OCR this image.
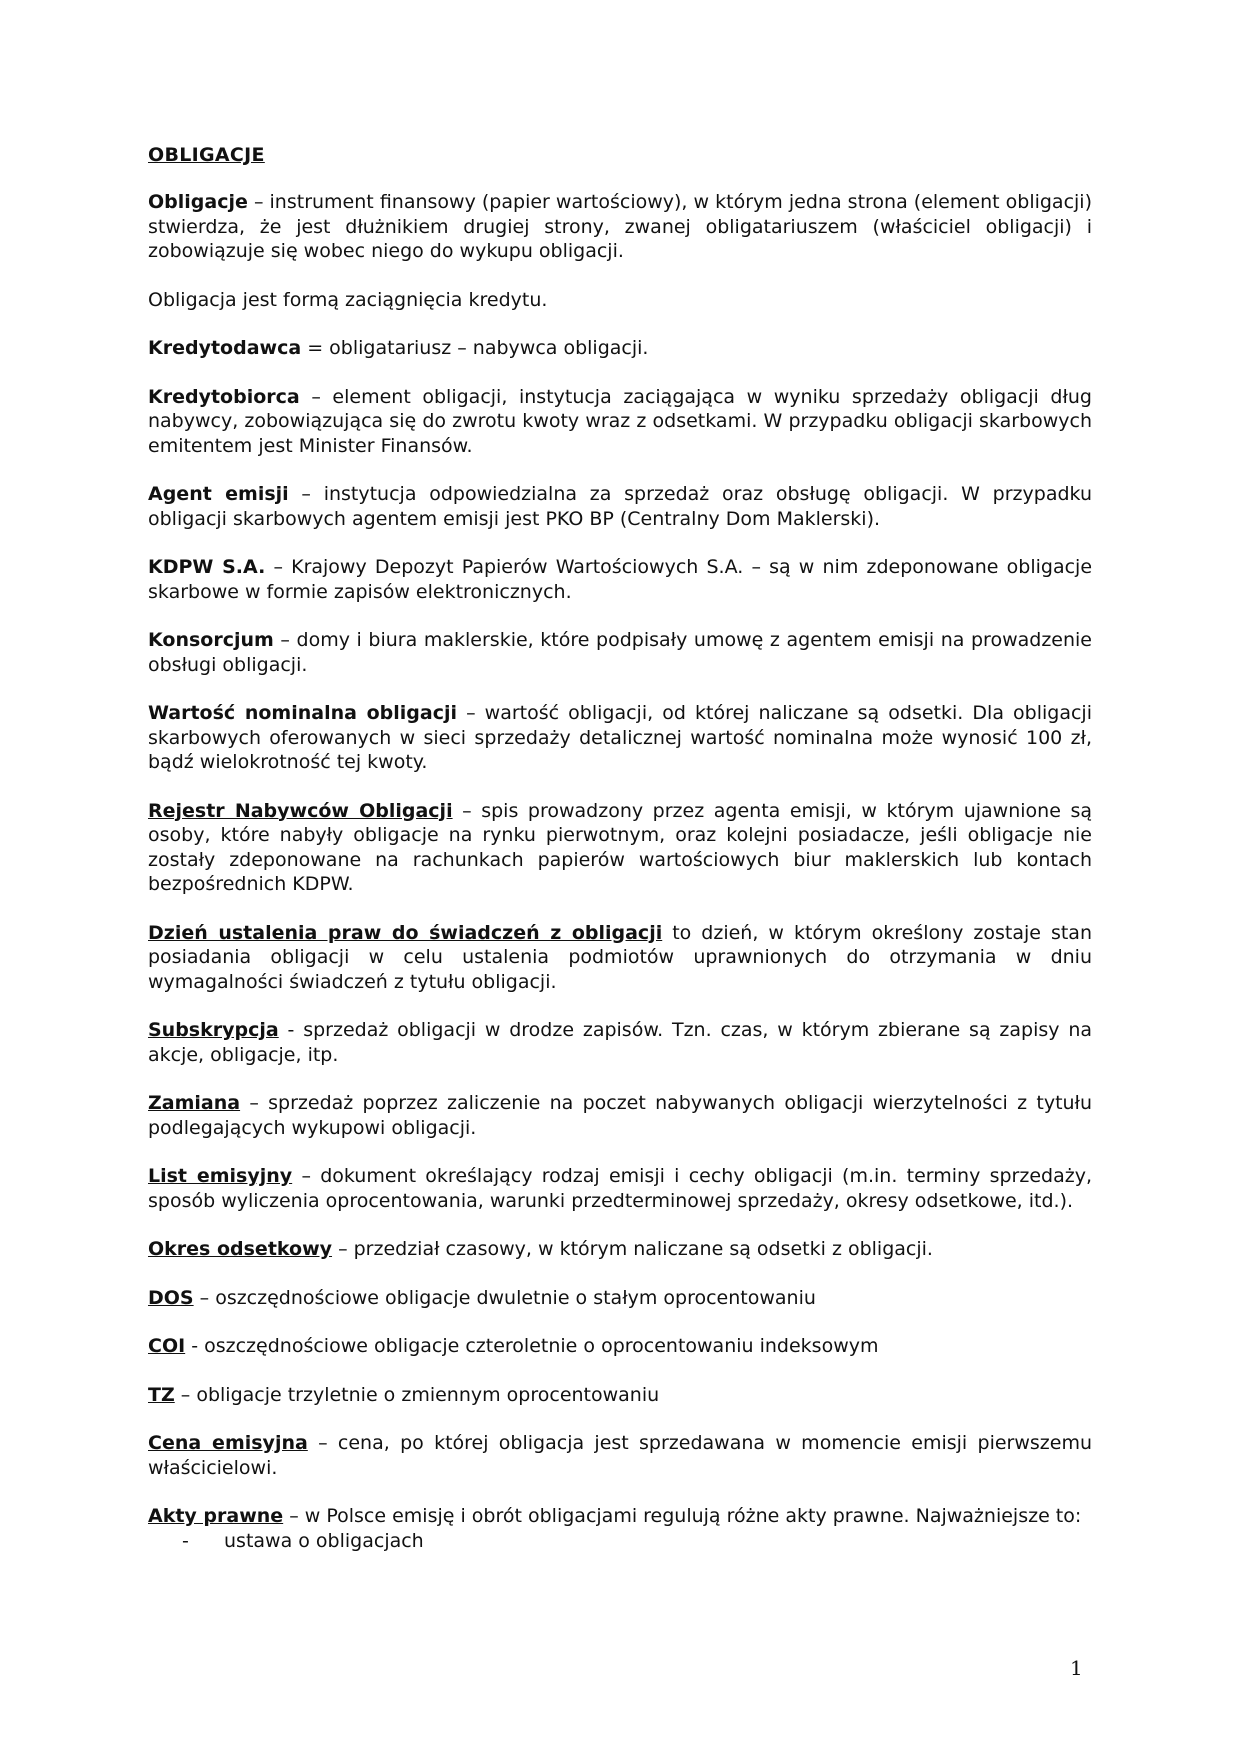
OBLIGACJE

Obligacje – instrument finansowy (papier wartościowy), w którym jedna strona (element obligacji) stwierdza, że jest dłużnikiem drugiej strony, zwanej obligatariuszem (właściciel obligacji) i zobowiązuje się wobec niego do wykupu obligacji.

Obligacja jest formą zaciągnięcia kredytu.

Kredytodawca = obligatariusz – nabywca obligacji.

Kredytobiorca – element obligacji, instytucja zaciągająca w wyniku sprzedaży obligacji dług nabywcy, zobowiązująca się do zwrotu kwoty wraz z odsetkami. W przypadku obligacji skarbowych emitentem jest Minister Finansów.

Agent emisji – instytucja odpowiedzialna za sprzedaż oraz obsługę obligacji. W przypadku obligacji skarbowych agentem emisji jest PKO BP (Centralny Dom Maklerski).

KDPW S.A. – Krajowy Depozyt Papierów Wartościowych S.A. – są w nim zdeponowane obligacje skarbowe w formie zapisów elektronicznych.

Konsorcjum – domy i biura maklerskie, które podpisały umowę z agentem emisji na prowadzenie obsługi obligacji.

Wartość nominalna obligacji – wartość obligacji, od której naliczane są odsetki. Dla obligacji skarbowych oferowanych w sieci sprzedaży detalicznej wartość nominalna może wynosić 100 zł, bądź wielokrotność tej kwoty.

Rejestr Nabywców Obligacji – spis prowadzony przez agenta emisji, w którym ujawnione są osoby, które nabyły obligacje na rynku pierwotnym, oraz kolejni posiadacze, jeśli obligacje nie zostały zdeponowane na rachunkach papierów wartościowych biur maklerskich lub kontach bezpośrednich KDPW.

Dzień ustalenia praw do świadczeń z obligacji to dzień, w którym określony zostaje stan posiadania obligacji w celu ustalenia podmiotów uprawnionych do otrzymania w dniu wymagalności świadczeń z tytułu obligacji.

Subskrypcja - sprzedaż obligacji w drodze zapisów. Tzn. czas, w którym zbierane są zapisy na akcje, obligacje, itp.

Zamiana – sprzedaż poprzez zaliczenie na poczet nabywanych obligacji wierzytelności z tytułu podlegających wykupowi obligacji.

List emisyjny – dokument określający rodzaj emisji i cechy obligacji (m.in. terminy sprzedaży, sposób wyliczenia oprocentowania, warunki przedterminowej sprzedaży, okresy odsetkowe, itd.).

Okres odsetkowy – przedział czasowy, w którym naliczane są odsetki z obligacji.

DOS – oszczędnościowe obligacje dwuletnie o stałym oprocentowaniu

COI - oszczędnościowe obligacje czteroletnie o oprocentowaniu indeksowym

TZ – obligacje trzyletnie o zmiennym oprocentowaniu

Cena emisyjna – cena, po której obligacja jest sprzedawana w momencie emisji pierwszemu właścicielowi.

Akty prawne – w Polsce emisję i obrót obligacjami regulują różne akty prawne. Najważniejsze to:

- ustawa o obligacjach
1
